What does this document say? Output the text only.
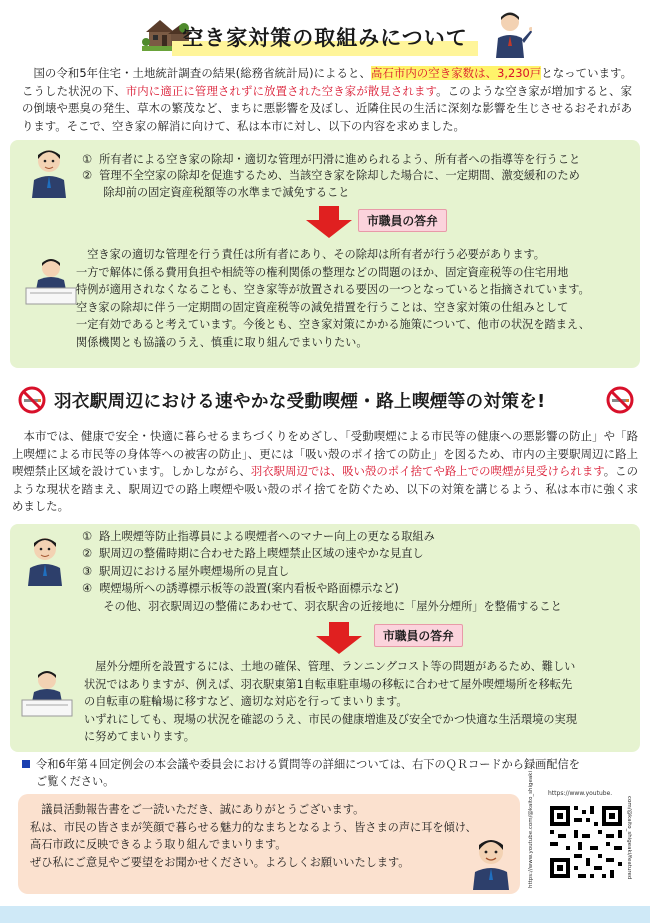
空き家対策の取組みについて
　国の令和5年住宅・土地統計調査の結果(総務省統計局)によると、高石市内の空き家数は、3,230戸となっています。こうした状況の下、市内に適正に管理されずに放置された空き家が散見されます。このような空き家が増加すると、家の倒壊や悪臭の発生、草木の繁茂など、まちに悪影響を及ぼし、近隣住民の生活に深刻な影響を生じさせるおそれがあります。そこで、空き家の解消に向けて、私は本市に対し、以下の内容を求めました。
①  所有者による空き家の除却・適切な管理が円滑に進められるよう、所有者への指導等を行うこと
②  管理不全空家の除却を促進するため、当該空き家を除却した場合に、一定期間、激変緩和のため
除却前の固定資産税額等の水準まで減免すること
市職員の答弁
　空き家の適切な管理を行う責任は所有者にあり、その除却は所有者が行う必要があります。
一方で解体に係る費用負担や相続等の権利関係の整理などの問題のほか、固定資産税等の住宅用地
特例が適用されなくなることも、空き家等が放置される要因の一つとなっていると指摘されています。
空き家の除却に伴う一定期間の固定資産税等の減免措置を行うことは、空き家対策の仕組みとして
一定有効であると考えています。今後とも、空き家対策にかかる施策について、他市の状況を踏まえ、
関係機関とも協議のうえ、慎重に取り組んでまいりたい。
羽衣駅周辺における速やかな受動喫煙・路上喫煙等の対策を!
　本市では、健康で安全・快適に暮らせるまちづくりをめざし、「受動喫煙による市民等の健康への悪影響の防止」や「路上喫煙による市民等の身体等への被害の防止」、更には「吸い殻のポイ捨ての防止」を図るため、市内の主要駅周辺に路上喫煙禁止区域を設けています。しかしながら、羽衣駅周辺では、吸い殻のポイ捨てや路上での喫煙が見受けられます。このような現状を踏まえ、駅周辺での路上喫煙や吸い殻のポイ捨てを防ぐため、以下の対策を講じるよう、私は本市に強く求めました。
①  路上喫煙等防止指導員による喫煙者へのマナー向上の更なる取組み
②  駅周辺の整備時期に合わせた路上喫煙禁止区域の速やかな見直し
③  駅周辺における屋外喫煙場所の見直し
④  喫煙場所への誘導標示板等の設置(案内看板や路面標示など)
その他、羽衣駅周辺の整備にあわせて、羽衣駅舎の近接地に「屋外分煙所」を整備すること
市職員の答弁
　屋外分煙所を設置するには、土地の確保、管理、ランニングコスト等の問題があるため、難しい
状況ではありますが、例えば、羽衣駅東第1自転車駐車場の移転に合わせて屋外喫煙場所を移転先
の自転車の駐輪場に移すなど、適切な対応を行ってまいります。
いずれにしても、現場の状況を確認のうえ、市民の健康増進及び安全でかつ快適な生活環境の実現
に努めてまいります。
令和6年第４回定例会の本会議や委員会における質問等の詳細については、右下のＱＲコードから録画配信を
ご覧ください。
　議員活動報告書をご一読いただき、誠にありがとうございます。
私は、市民の皆さまが笑顔で暮らせる魅力的なまちとなるよう、皆さまの声に耳を傾け、
高石市政に反映できるよう取り組んでまいります。
ぜひ私にご意見やご要望をお聞かせください。よろしくお願いいたします。	https://www.youtube.com/@kaito_shigeaki https://www.youtube.
com/@kaito_shigeaki/featured
